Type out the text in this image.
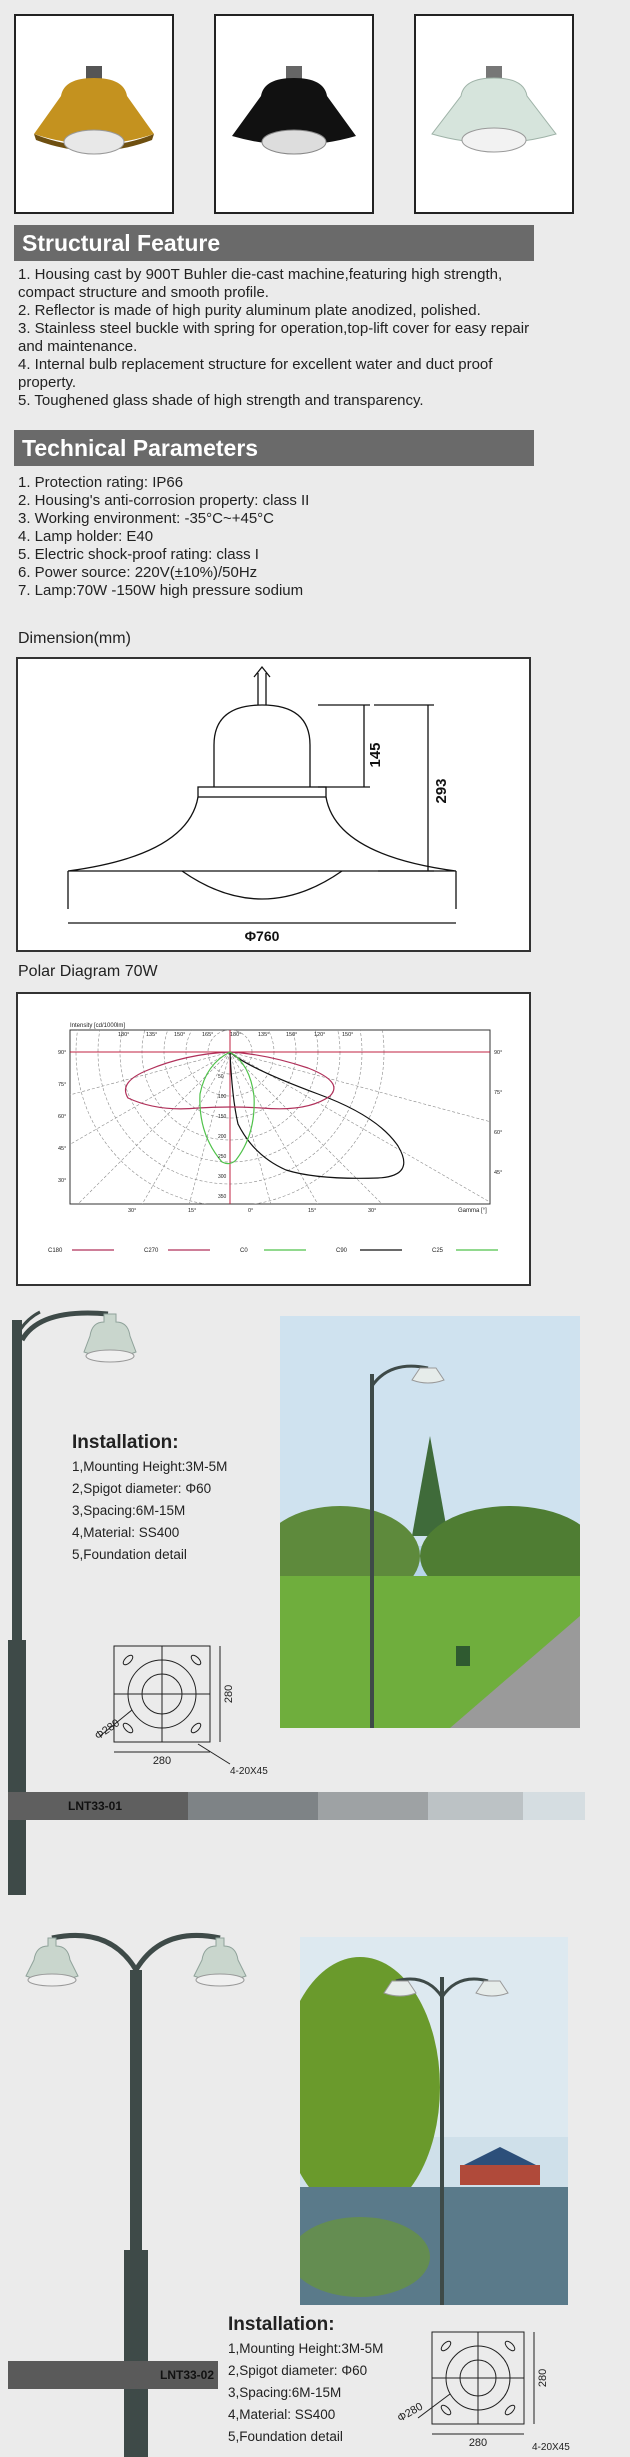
Structural Feature
1. Housing cast by 900T Buhler die-cast machine,featuring high strength, compact structure and smooth profile.
2. Reflector is made of high purity aluminum plate anodized, polished.
3. Stainless steel buckle with spring for operation,top-lift cover for easy repair and maintenance.
4. Internal bulb replacement structure for excellent water and duct proof property.
5. Toughened glass shade of high strength and transparency.
Technical Parameters
1. Protection rating: IP66
2. Housing's anti-corrosion property: class II
3. Working environment: -35°C~+45°C
4. Lamp holder: E40
5. Electric shock-proof rating: class I
6. Power source: 220V(±10%)/50Hz
7. Lamp:70W -150W high pressure sodium
Dimension(mm)
145
293
Φ760
Polar Diagram 70W
Intensity [cd/1000lm]
180°	135°	150°	165°	180°	135°	150°	120°	150°
90°
75°
60°
45°
30°
90°
75°
60°
45°
30°	15°	0°	15°	30°
50
100
150
200
250
300
350
Gamma [°]
C180	C270	C0	C90	C25
Installation:
1,Mounting Height:3M-5M
2,Spigot diameter: Φ60
3,Spacing:6M-15M
4,Material: SS400
5,Foundation detail
280
280
Φ280
4-20X45
LNT33-01
LNT33-02
Installation:
1,Mounting Height:3M-5M
2,Spigot diameter: Φ60
3,Spacing:6M-15M
4,Material: SS400
5,Foundation detail	280
280
Φ280
4-20X45
